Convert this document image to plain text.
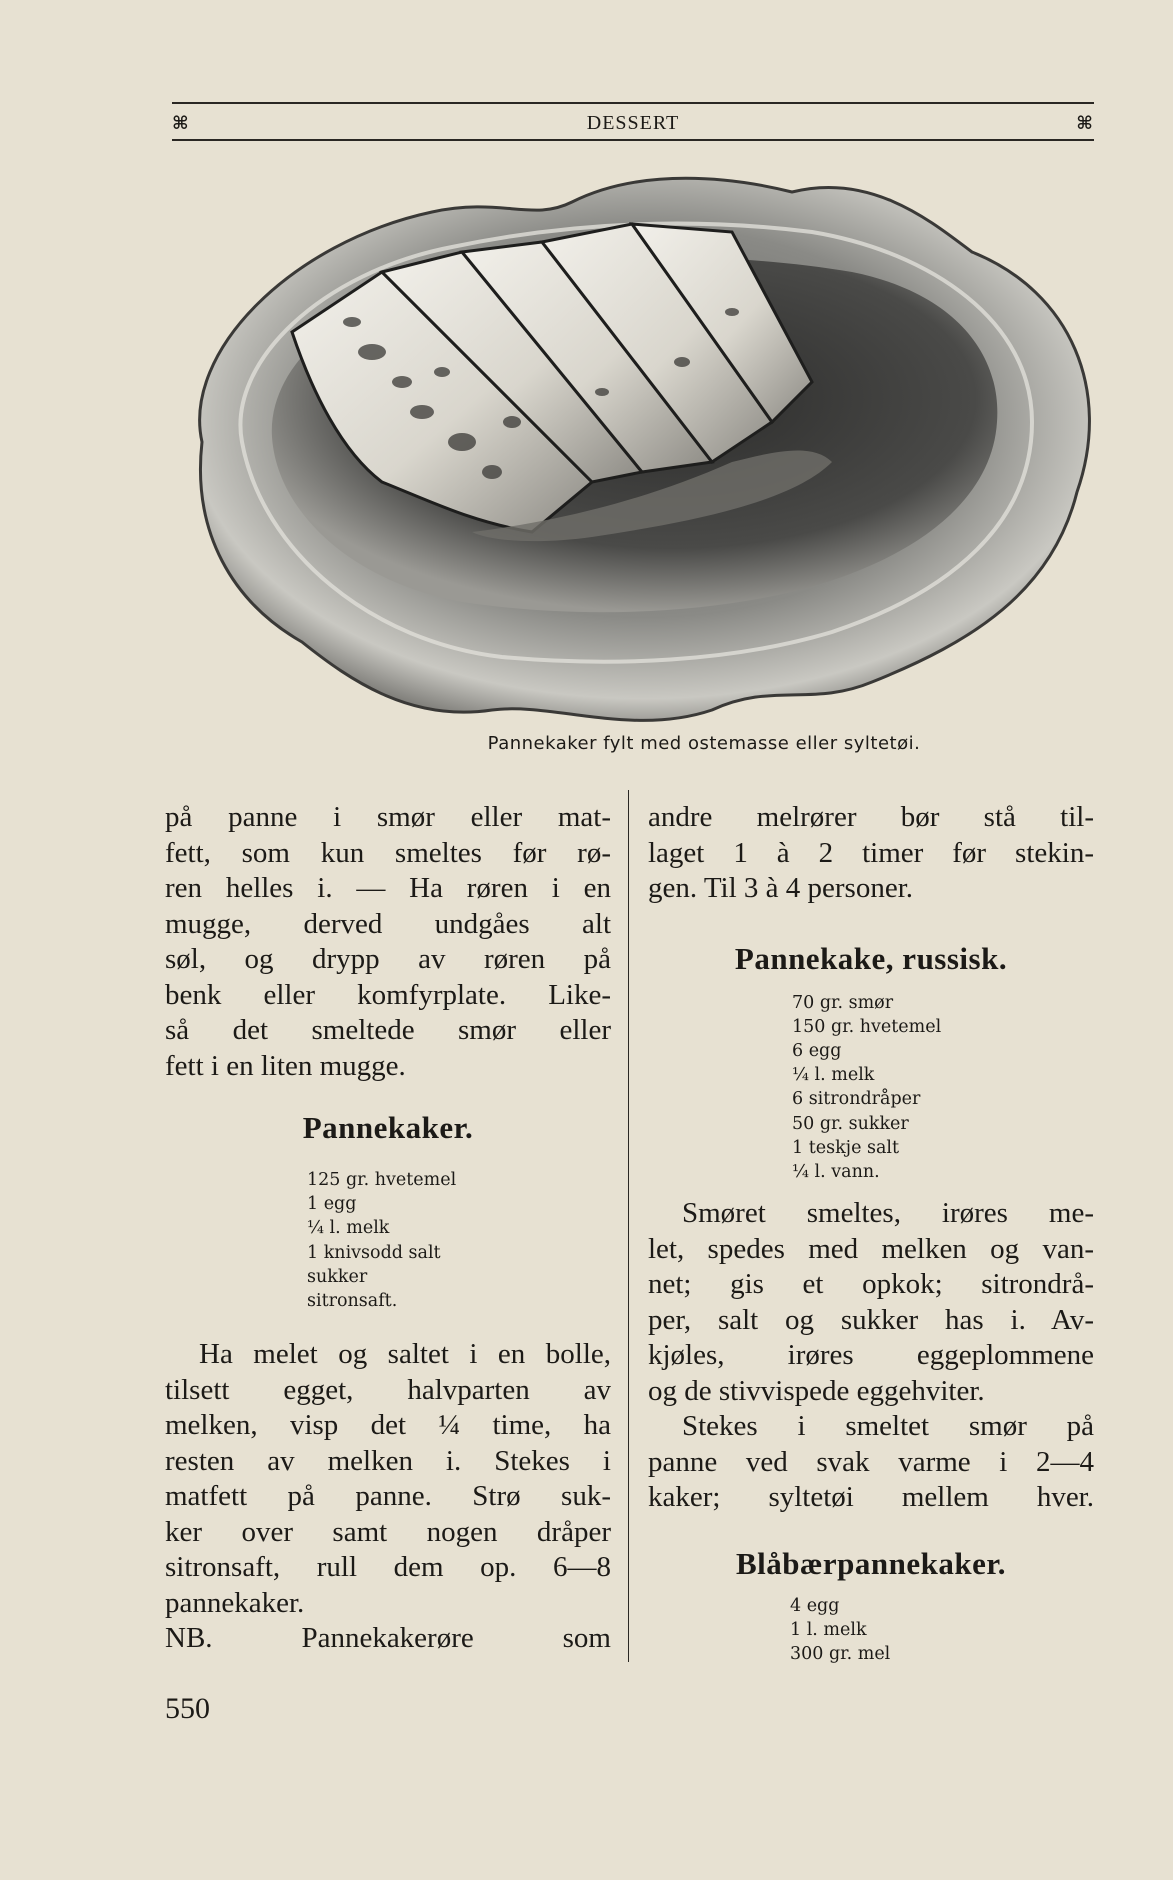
⌘	DESSERT	⌘
Pannekaker fylt med ostemasse eller syltetøi.

på panne i smør eller mat-
fett, som kun smeltes før rø-
ren helles i. — Ha røren i en
mugge, derved undgåes alt
søl, og drypp av røren på
benk eller komfyrplate. Like-
så det smeltede smør eller
fett i en liten mugge.

Pannekaker.
125 gr. hvetemel
1 egg
¼ l. melk
1 knivsodd salt
sukker
sitronsaft.

Ha melet og saltet i en bolle,
tilsett egget, halvparten av
melken, visp det ¼ time, ha
resten av melken i. Stekes i
matfett på panne. Strø suk-
ker over samt nogen dråper
sitronsaft, rull dem op. 6—8
pannekaker.
NB. Pannekakerøre som

andre melrører bør stå til-
laget 1 à 2 timer før stekin-
gen. Til 3 à 4 personer.

Pannekake, russisk.
70 gr. smør
150 gr. hvetemel
6 egg
¼ l. melk
6 sitrondråper
50 gr. sukker
1 teskje salt
¼ l. vann.

Smøret smeltes, irøres me-
let, spedes med melken og van-
net; gis et opkok; sitrondrå-
per, salt og sukker has i. Av-
kjøles, irøres eggeplommene
og de stivvispede eggehviter.

Stekes i smeltet smør på
panne ved svak varme i 2—4
kaker; syltetøi mellem hver.

Blåbærpannekaker.
4 egg
1 l. melk
300 gr. mel
550
